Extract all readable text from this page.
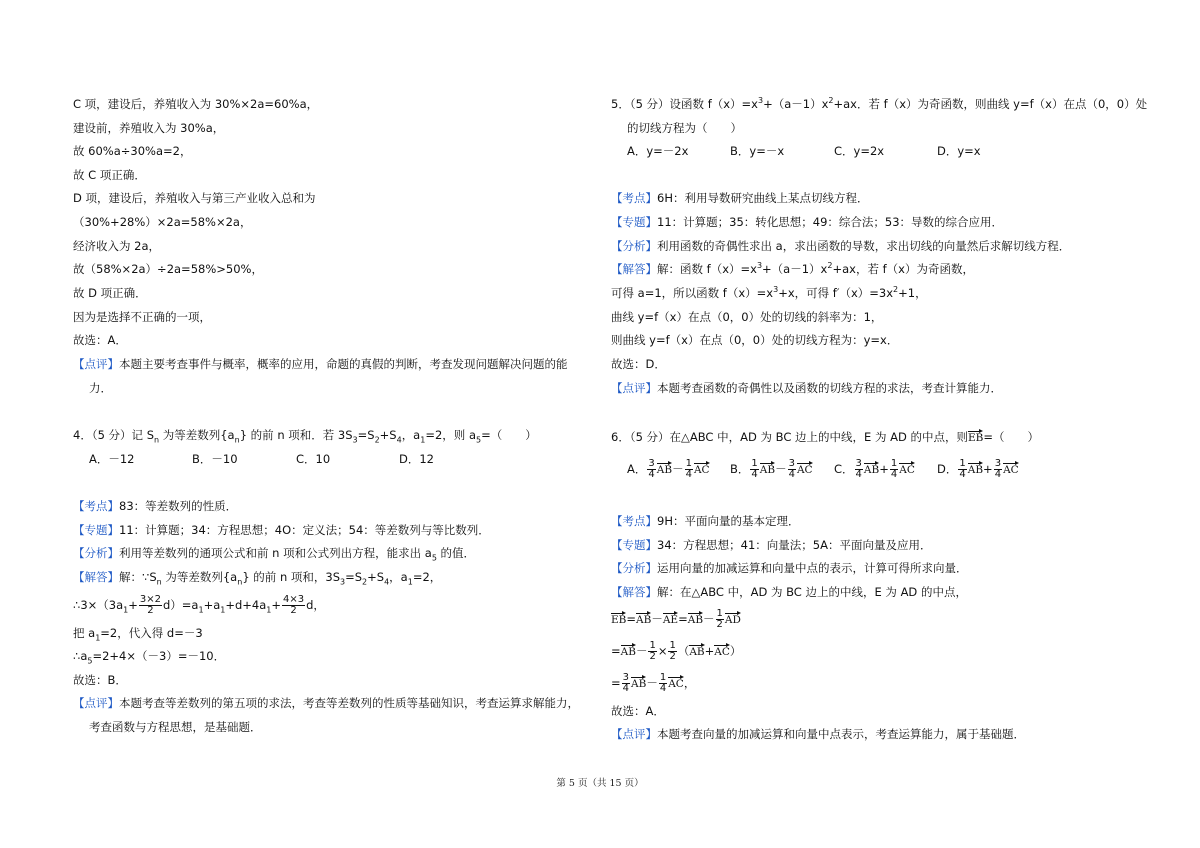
C 项，建设后，养殖收入为 30%×2a=60%a，
建设前，养殖收入为 30%a，
故 60%a÷30%a=2，
故 C 项正确．
D 项，建设后，养殖收入与第三产业收入总和为
（30%+28%）×2a=58%×2a，
经济收入为 2a，
故（58%×2a）÷2a=58%>50%，
故 D 项正确．
因为是选择不正确的一项，
故选：A．
【点评】本题主要考查事件与概率，概率的应用，命题的真假的判断，考查发现问题解决问题的能
力．
4．（5 分）记 $S_n$ 为等差数列$\{a_n\}$ 的前 n 项和．若 $3S_3=S_2+S_4$，$a_1=2$，则 $a_5=$（　　）
A．－12	B．－10	C．10	D．12
【考点】83：等差数列的性质．
【专题】11：计算题；34：方程思想；4O：定义法；54：等差数列与等比数列．
【分析】利用等差数列的通项公式和前 n 项和公式列出方程，能求出 $a_5$ 的值．
【解答】解：$\because S_n$ 为等差数列$\{a_n\}$ 的前 n 项和，$3S_3=S_2+S_4$，$a_1=2$，
$\therefore 3\times(3a_1+ \frac{3\times 2}{2} d)=a_1+a_1+d+4a_1+ \frac{4\times 3}{2}$ d，
把 $a_1=2$，代入得 d=－3
$\therefore a_5=2+4\times(-3)=-10$．
故选：B．
【点评】本题考查等差数列的第五项的求法，考查等差数列的性质等基础知识，考查运算求解能力，
考查函数与方程思想，是基础题．
5．（5 分）设函数 $f(x)=x^3+(a-1)x^2+ax$．若 f（x）为奇函数，则曲线 y=f（x）在点（0，0）处
的切线方程为（　　）
A．y=－2x	B．y=－x	C．y=2x	D．y=x
【考点】6H：利用导数研究曲线上某点切线方程．
【专题】11：计算题；35：转化思想；49：综合法；53：导数的综合应用．
【分析】利用函数的奇偶性求出 a，求出函数的导数，求出切线的向量然后求解切线方程．
【解答】解：函数 $f(x)=x^3+(a-1)x^2+ax$，若 f（x）为奇函数，
可得 a=1，所以函数 $f(x)=x^3+x$，可得 $f'(x)=3x^2+1$，
曲线 y=f（x）在点（0，0）处的切线的斜率为：1，
则曲线 y=f（x）在点（0，0）处的切线方程为：y=x．
故选：D．
【点评】本题考查函数的奇偶性以及函数的切线方程的求法，考查计算能力．
6．（5 分）在△ABC 中，AD 为 BC 边上的中线，E 为 AD 的中点，则EB=（　　）
A． $\frac{3}{4} AB- \frac{1}{4}$ AC B． $\frac{1}{4} AB- \frac{3}{4}$ AC C． $\frac{3}{4} AB+ \frac{1}{4}$ AC D． $\frac{1}{4} AB+ \frac{3}{4}$ AC
【考点】9H：平面向量的基本定理．
【专题】34：方程思想；41：向量法；5A：平面向量及应用．
【分析】运用向量的加减运算和向量中点的表示，计算可得所求向量．
【解答】解：在△ABC 中，AD 为 BC 边上的中线，E 为 AD 的中点，
$EB=AB-AE=AB- \frac{1}{2}$ AD
$=AB- \frac{1}{2} \times \frac{1}{2} (AB+AC)$
= $\frac{3}{4} AB- \frac{1}{4}$ AC，
故选：A．
【点评】本题考查向量的加减运算和向量中点表示，考查运算能力，属于基础题．
第 5 页（共 15 页）
